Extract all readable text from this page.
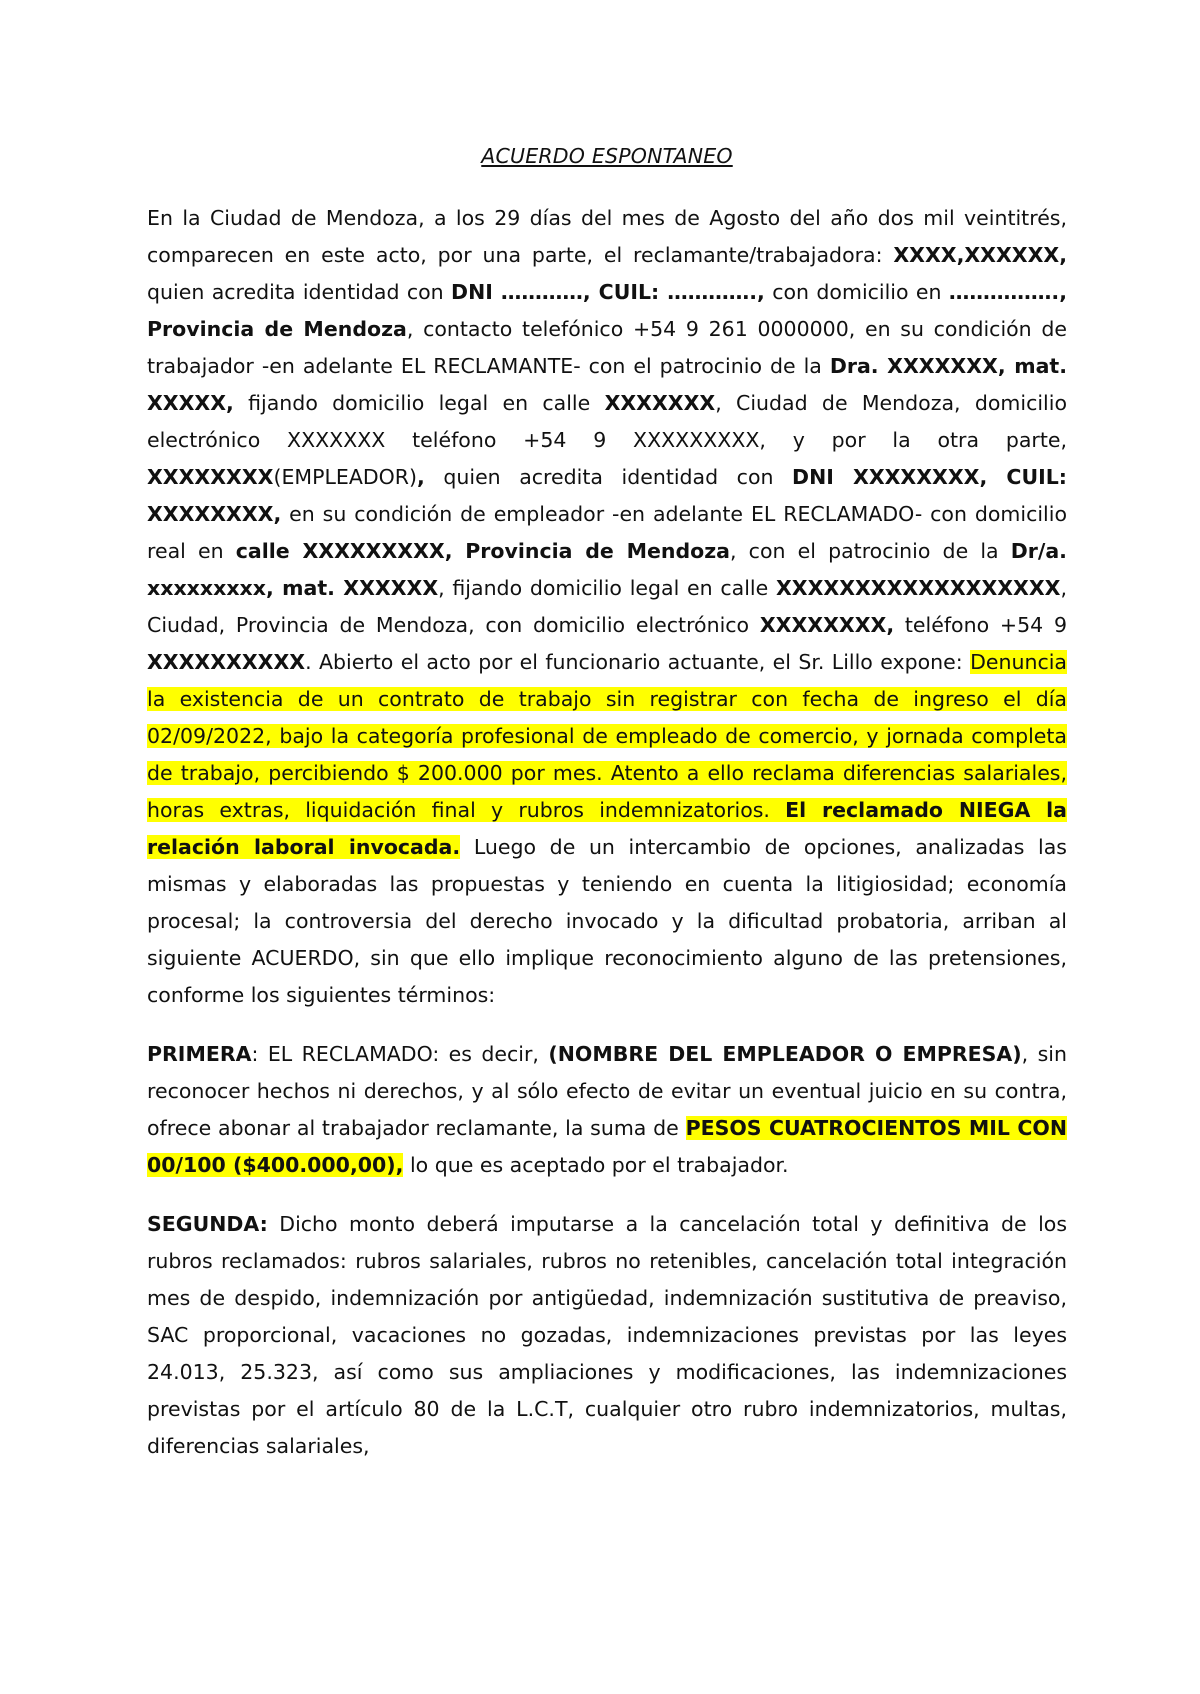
ACUERDO ESPONTANEO

En la Ciudad de Mendoza, a los 29 días del mes de Agosto del año dos mil veintitrés, comparecen en este acto, por una parte, el reclamante/trabajadora: XXXX,XXXXXX, quien acredita identidad con DNI …………, CUIL: …………., con domicilio en ……………., Provincia de Mendoza, contacto telefónico +54 9 261 0000000, en su condición de trabajador -en adelante EL RECLAMANTE- con el patrocinio de la Dra. XXXXXXX, mat. XXXXX, fijando domicilio legal en calle XXXXXXX, Ciudad de Mendoza, domicilio electrónico XXXXXXX teléfono +54 9 XXXXXXXXX, y por la otra parte, XXXXXXXX(EMPLEADOR), quien acredita identidad con DNI XXXXXXXX, CUIL: XXXXXXXX, en su condición de empleador -en adelante EL RECLAMADO- con domicilio real en calle XXXXXXXXX, Provincia de Mendoza, con el patrocinio de la Dr/a. xxxxxxxxx, mat. XXXXXX, fijando domicilio legal en calle XXXXXXXXXXXXXXXXXX, Ciudad, Provincia de Mendoza, con domicilio electrónico XXXXXXXX, teléfono +54 9 XXXXXXXXXX. Abierto el acto por el funcionario actuante, el Sr. Lillo expone: Denuncia la existencia de un contrato de trabajo sin registrar con fecha de ingreso el día 02/09/2022, bajo la categoría profesional de empleado de comercio, y jornada completa de trabajo, percibiendo $ 200.000 por mes. Atento a ello reclama diferencias salariales, horas extras, liquidación final y rubros indemnizatorios. El reclamado NIEGA la relación laboral invocada. Luego de un intercambio de opciones, analizadas las mismas y elaboradas las propuestas y teniendo en cuenta la litigiosidad; economía procesal; la controversia del derecho invocado y la dificultad probatoria, arriban al siguiente ACUERDO, sin que ello implique reconocimiento alguno de las pretensiones, conforme los siguientes términos:

PRIMERA: EL RECLAMADO: es decir, (NOMBRE DEL EMPLEADOR O EMPRESA), sin reconocer hechos ni derechos, y al sólo efecto de evitar un eventual juicio en su contra, ofrece abonar al trabajador reclamante, la suma de PESOS CUATROCIENTOS MIL CON 00/100 ($400.000,00), lo que es aceptado por el trabajador.

SEGUNDA: Dicho monto deberá imputarse a la cancelación total y definitiva de los rubros reclamados: rubros salariales, rubros no retenibles, cancelación total integración mes de despido, indemnización por antigüedad, indemnización sustitutiva de preaviso, SAC proporcional, vacaciones no gozadas, indemnizaciones previstas por las leyes 24.013, 25.323, así como sus ampliaciones y modificaciones, las indemnizaciones previstas por el artículo 80 de la L.C.T, cualquier otro rubro indemnizatorios, multas, diferencias salariales,
